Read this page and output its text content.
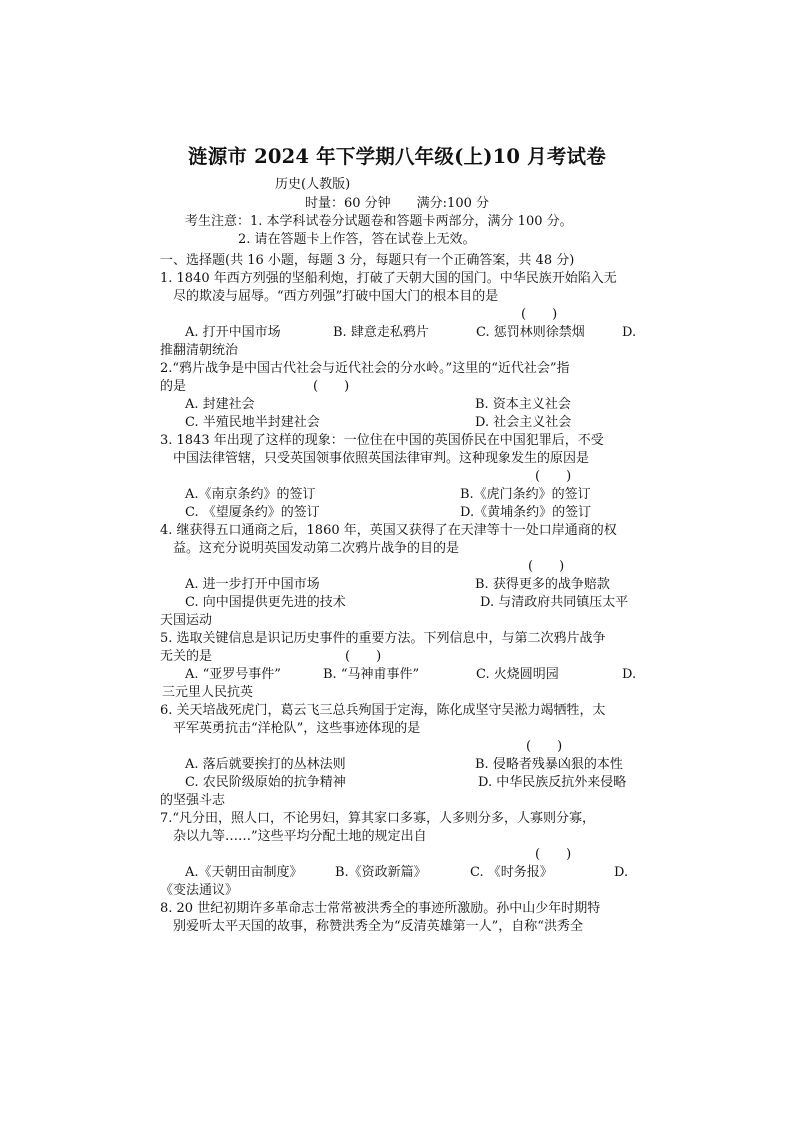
涟源市 2024 年下学期八年级(上)10 月考试卷
历史(人教版)
时量：60 分钟　　满分:100 分
考生注意：1. 本学科试卷分试题卷和答题卡两部分，满分 100 分。
2. 请在答题卡上作答，答在试卷上无效。
一、选择题(共 16 小题，每题 3 分，每题只有一个正确答案，共 48 分)
1. 1840 年西方列强的坚船利炮，打破了天朝大国的国门。中华民族开始陷入无
尽的欺凌与屈辱。“西方列强”打破中国大门的根本目的是
(　　)
A. 打开中国市场	B. 肆意走私鸦片	C. 惩罚林则徐禁烟	D.
推翻清朝统治
2.“鸦片战争是中国古代社会与近代社会的分水岭。”这里的“近代社会”指
的是	(　　)
A. 封建社会	B. 资本主义社会
C. 半殖民地半封建社会	D. 社会主义社会
3. 1843 年出现了这样的现象：一位住在中国的英国侨民在中国犯罪后，不受
中国法律管辖，只受英国领事依照英国法律审判。这种现象发生的原因是
(　　)
A.《南京条约》的签订	B.《虎门条约》的签订
C. 《望厦条约》的签订	D.《黄埔条约》的签订
4. 继获得五口通商之后，1860 年，英国又获得了在天津等十一处口岸通商的权
益。这充分说明英国发动第二次鸦片战争的目的是
(　　)
A. 进一步打开中国市场	B. 获得更多的战争赔款
C. 向中国提供更先进的技术	D. 与清政府共同镇压太平
天国运动
5. 选取关键信息是识记历史事件的重要方法。下列信息中，与第二次鸦片战争
无关的是	(　　)
A. “亚罗号事件”	B. “马神甫事件”	C. 火烧圆明园	D.
三元里人民抗英
6. 关天培战死虎门，葛云飞三总兵殉国于定海，陈化成坚守吴淞力竭牺牲，太
平军英勇抗击“洋枪队”，这些事迹体现的是
(　　)
A. 落后就要挨打的丛林法则	B. 侵略者残暴凶狠的本性
C. 农民阶级原始的抗争精神	D. 中华民族反抗外来侵略
的坚强斗志
7.“凡分田，照人口，不论男妇，算其家口多寡，人多则分多，人寡则分寡，
杂以九等……”这些平均分配土地的规定出自
(　　)
A.《天朝田亩制度》 B.《资政新篇》	C. 《时务报》	D.
《变法通议》
8. 20 世纪初期许多革命志士常常被洪秀全的事迹所激励。孙中山少年时期特
别爱听太平天国的故事，称赞洪秀全为“反清英雄第一人”，自称“洪秀全
